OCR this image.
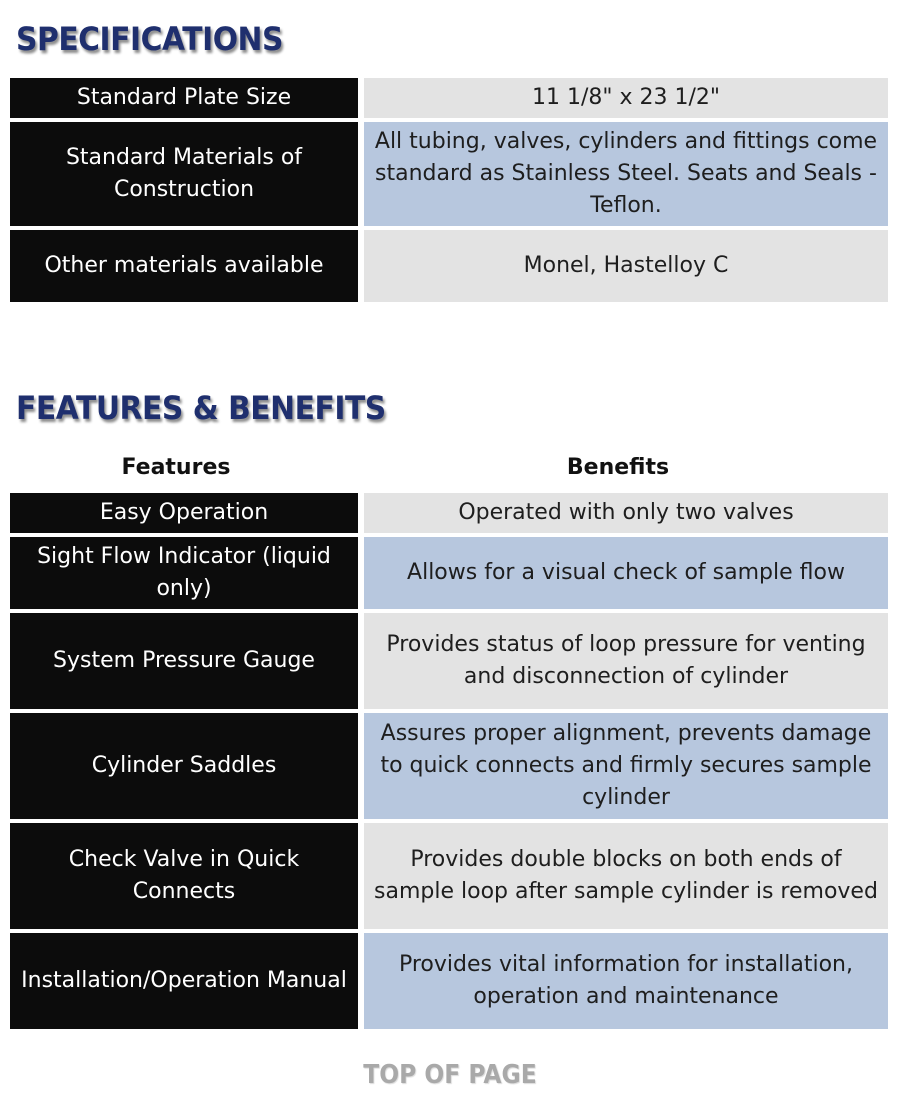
SPECIFICATIONS
Standard Plate Size	11 1/8" x 23 1/2"
Standard Materials of Construction	All tubing, valves, cylinders and fittings come standard as Stainless Steel. Seats and Seals - Teflon.
Other materials available	Monel, Hastelloy C
FEATURES & BENEFITS
Features	Benefits
Easy Operation	Operated with only two valves
Sight Flow Indicator (liquid only)	Allows for a visual check of sample flow
System Pressure Gauge	Provides status of loop pressure for venting and disconnection of cylinder
Cylinder Saddles	Assures proper alignment, prevents damage to quick connects and firmly secures sample cylinder
Check Valve in Quick Connects	Provides double blocks on both ends of sample loop after sample cylinder is removed
Installation/Operation Manual	Provides vital information for installation, operation and maintenance
TOP OF PAGE
